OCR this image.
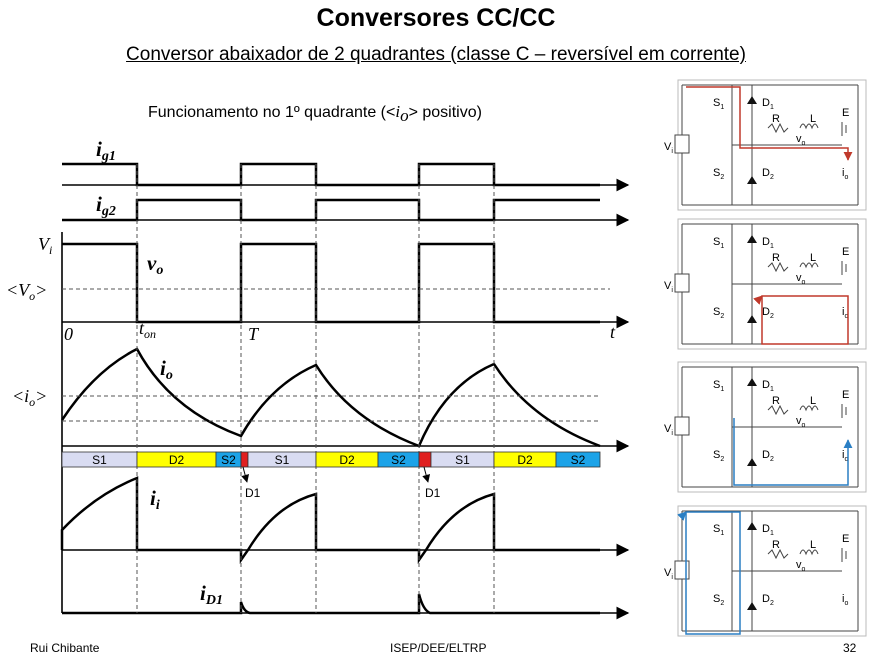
Conversores CC/CC
Conversor abaixador de 2 quadrantes (classe C – reversível em corrente)
Funcionamento no 1º quadrante ($<i_o>$ positivo)
S1	D2	S2	S1	D2	S2	S1	D2	S2
D1	D1
ig1
ig2
$V_i$
vo
$<V_o>$
0	$t_{on}$	T	t
io
$<i_o>$
ii
iD1
$S_1$	$D_1$
$S_2$	$D_2$
R	L E
$V_i$
$v_o$
$i_o$
$S_1$	$D_1$
$S_2$	$D_2$
R	L E
$V_i$
$v_o$
$i_o$
$S_1$	$D_1$
$S_2$	$D_2$
R	L E
$V_i$
$v_o$
$i_o$
$S_1$	$D_1$
$S_2$	$D_2$
R	L E
$V_i$
$v_o$
$i_o$
Rui Chibante	ISEP/DEE/ELTRP	32
